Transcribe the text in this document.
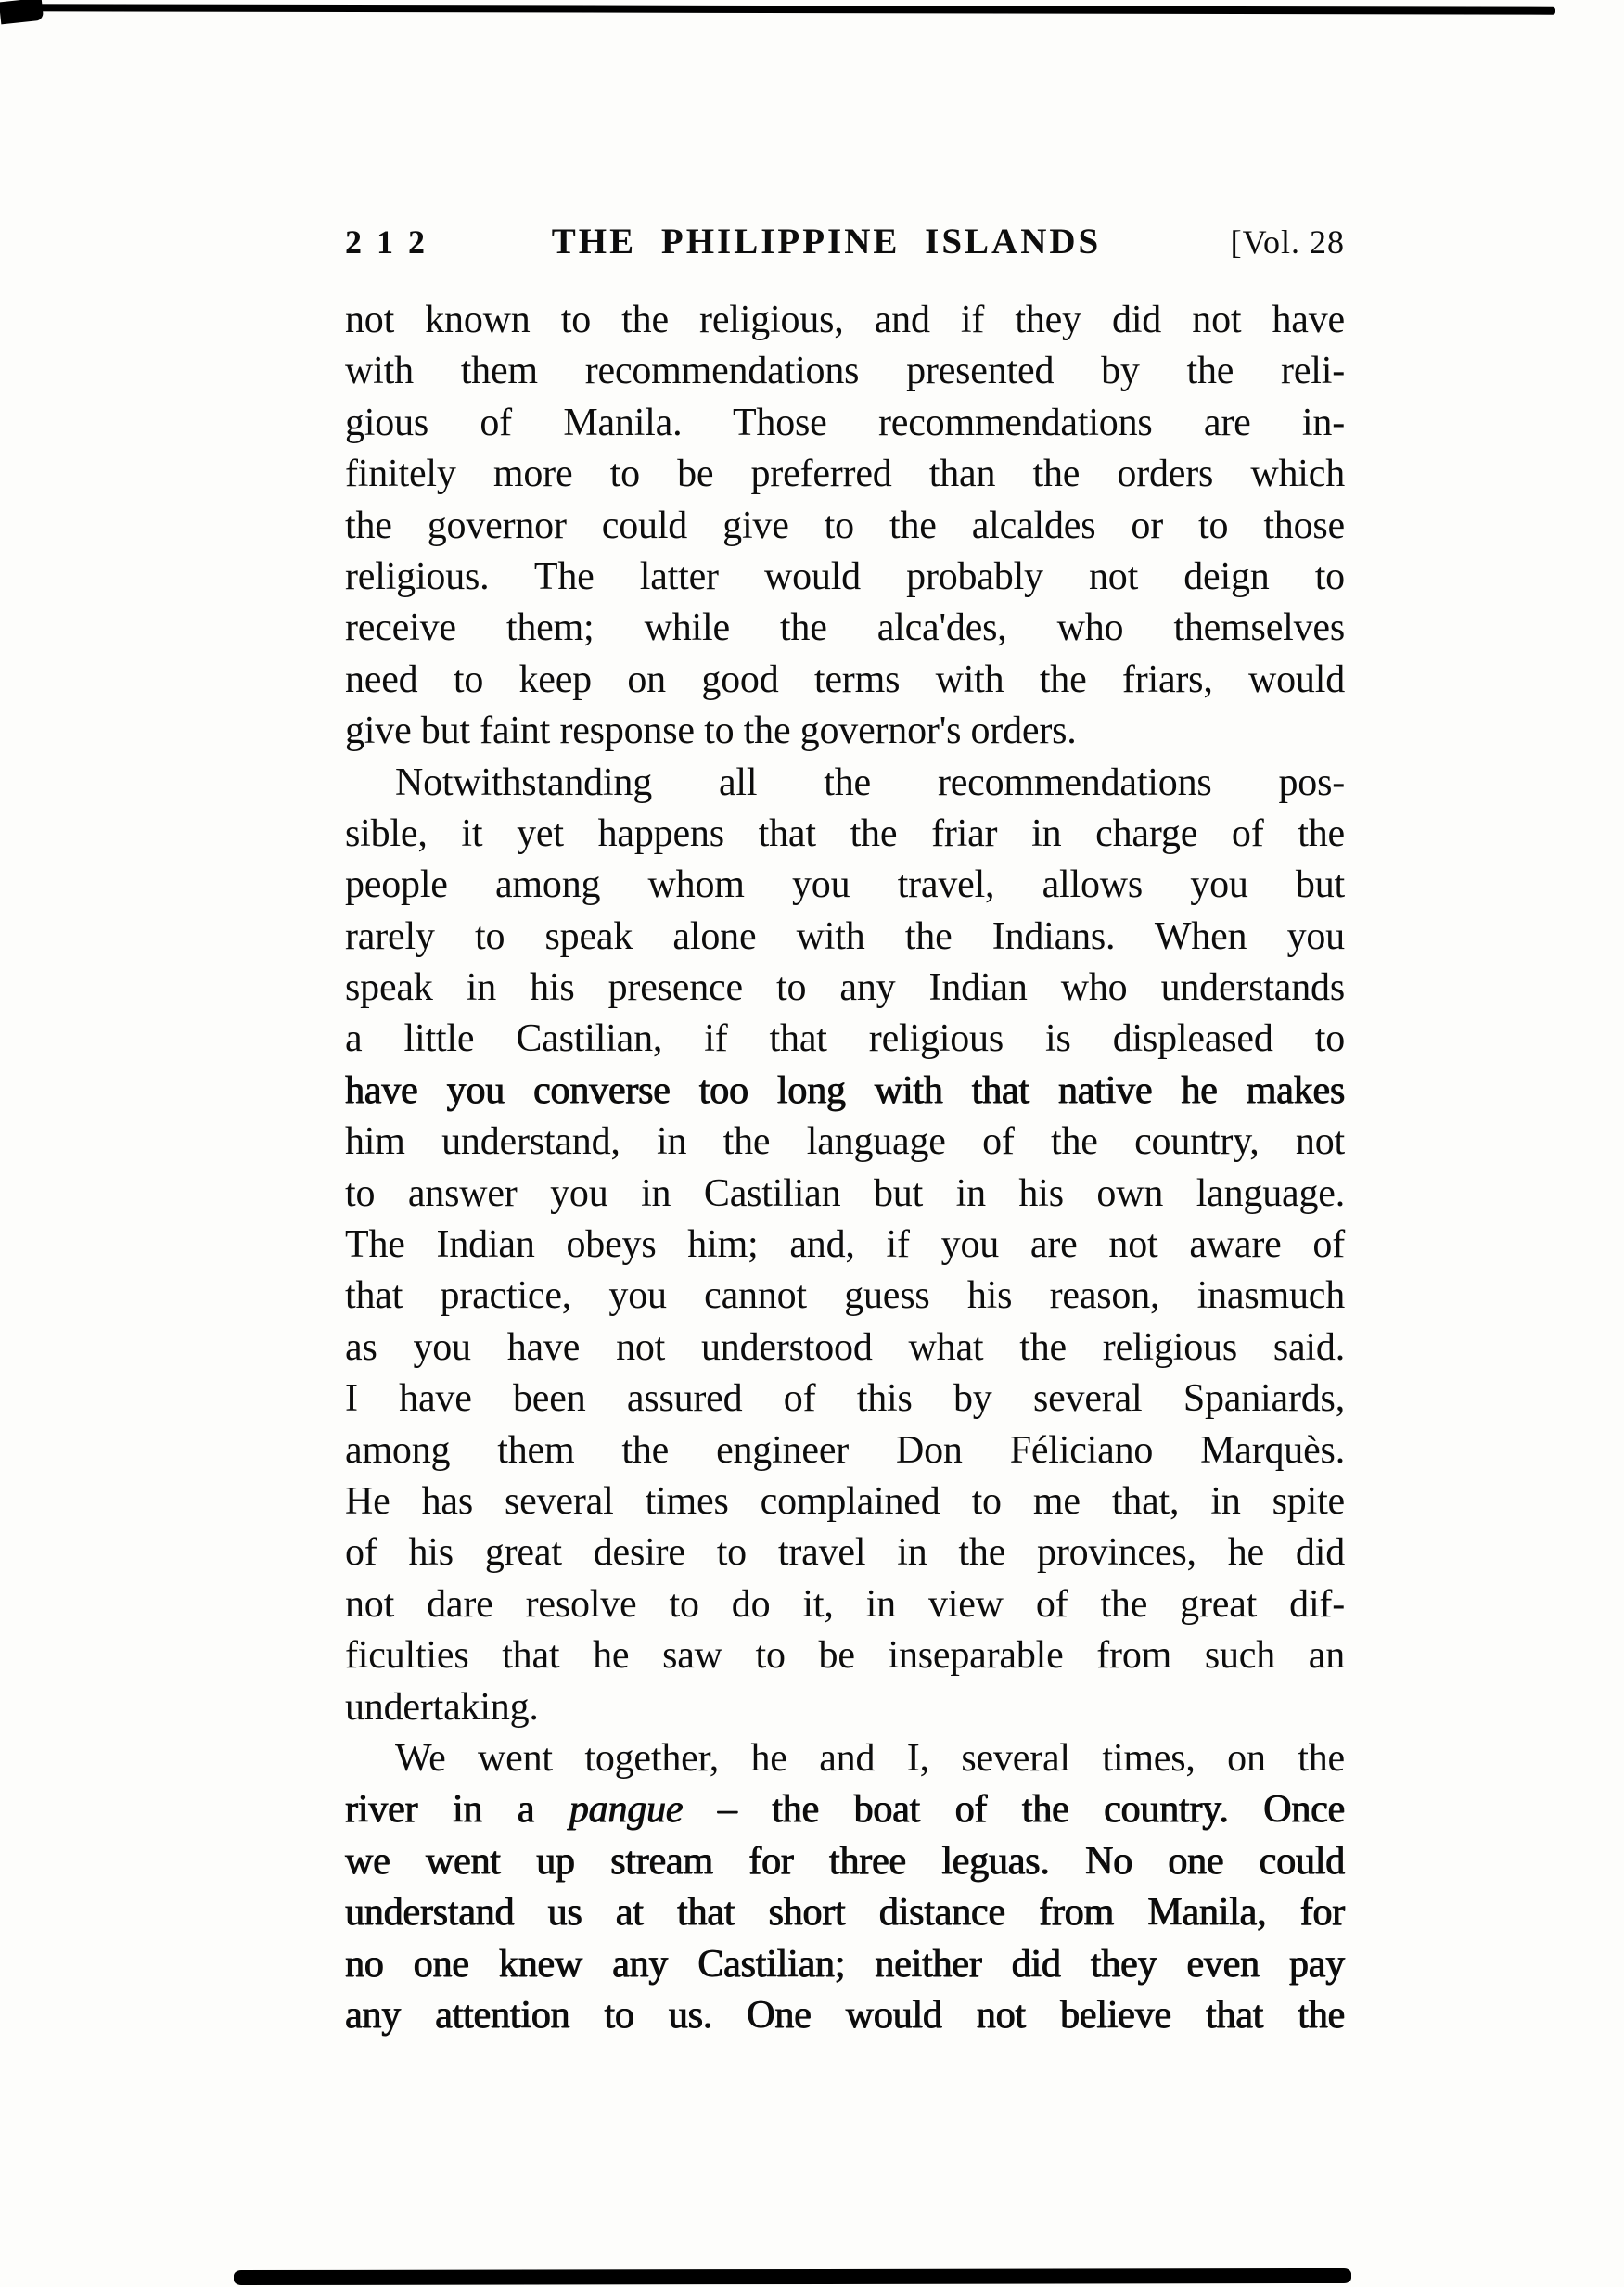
212	THE PHILIPPINE ISLANDS	[Vol. 28
not known to the religious, and if they did not have
with them recommendations presented by the reli-
gious of Manila. Those recommendations are in-
finitely more to be preferred than the orders which
the governor could give to the alcaldes or to those
religious. The latter would probably not deign to
receive them; while the alca'des, who themselves
need to keep on good terms with the friars, would
give but faint response to the governor's orders.
Notwithstanding all the recommendations pos-
sible, it yet happens that the friar in charge of the
people among whom you travel, allows you but
rarely to speak alone with the Indians. When you
speak in his presence to any Indian who understands
a little Castilian, if that religious is displeased to
have you converse too long with that native he makes
him understand, in the language of the country, not
to answer you in Castilian but in his own language.
The Indian obeys him; and, if you are not aware of
that practice, you cannot guess his reason, inasmuch
as you have not understood what the religious said.
I have been assured of this by several Spaniards,
among them the engineer Don Féliciano Marquès.
He has several times complained to me that, in spite
of his great desire to travel in the provinces, he did
not dare resolve to do it, in view of the great dif-
ficulties that he saw to be inseparable from such an
undertaking.
We went together, he and I, several times, on the
river in a pangue – the boat of the country. Once
we went up stream for three leguas. No one could
understand us at that short distance from Manila, for
no one knew any Castilian; neither did they even pay
any attention to us. One would not believe that the
